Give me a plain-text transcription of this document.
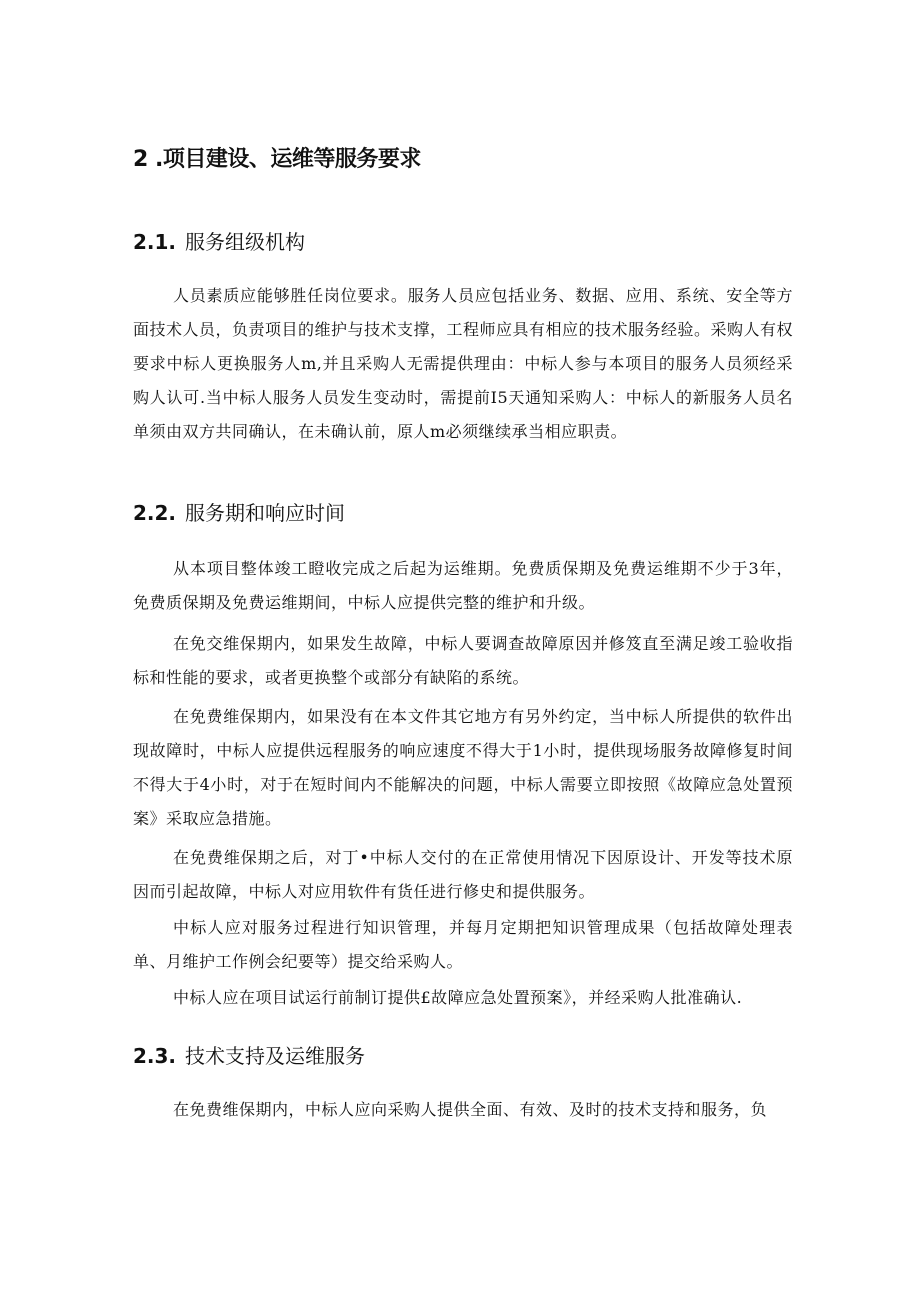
2 .项目建设、运维等服务要求
2.1. 服务组级机构

人员素质应能够胜任岗位要求。服务人员应包括业务、数据、应用、系统、安全等方面技术人员，负责项目的维护与技术支撑，工程师应具有相应的技术服务经验。采购人有权要求中标人更换服务人m,并且采购人无需提供理由：中标人参与本项目的服务人员须经采购人认可.当中标人服务人员发生变动时，需提前I5天通知采购人：中标人的新服务人员名单须由双方共同确认，在未确认前，原人m必须继续承当相应职责。

2.2. 服务期和响应时间

从本项目整体竣工瞪收完成之后起为运维期。免费质保期及免费运维期不少于3年，免费质保期及免费运维期间，中标人应提供完整的维护和升级。

在免交维保期内，如果发生故障，中标人要调查故障原因并修笈直至满足竣工验收指标和性能的要求，或者更换整个或部分有缺陷的系统。

在免费维保期内，如果没有在本文件其它地方有另外约定，当中标人所提供的软件出现故障时，中标人应提供远程服务的响应速度不得大于1小时，提供现场服务故障修复时间不得大于4小时，对于在短时间内不能解决的问题，中标人需要立即按照《故障应急处置预案》采取应急措施。

在免费维保期之后，对丁•中标人交付的在正常使用情况下因原设计、开发等技术原因而引起故障，中标人对应用软件有货任进行修史和提供服务。

中标人应对服务过程进行知识管理，并每月定期把知识管理成果（包括故障处理表单、月维护工作例会纪要等）提交给采购人。

中标人应在项目试运行前制订提供£故障应急处置预案》，并经采购人批准确认.

2.3. 技术支持及运维服务

在免费维保期内，中标人应向采购人提供全面、有效、及时的技术支持和服务，负
